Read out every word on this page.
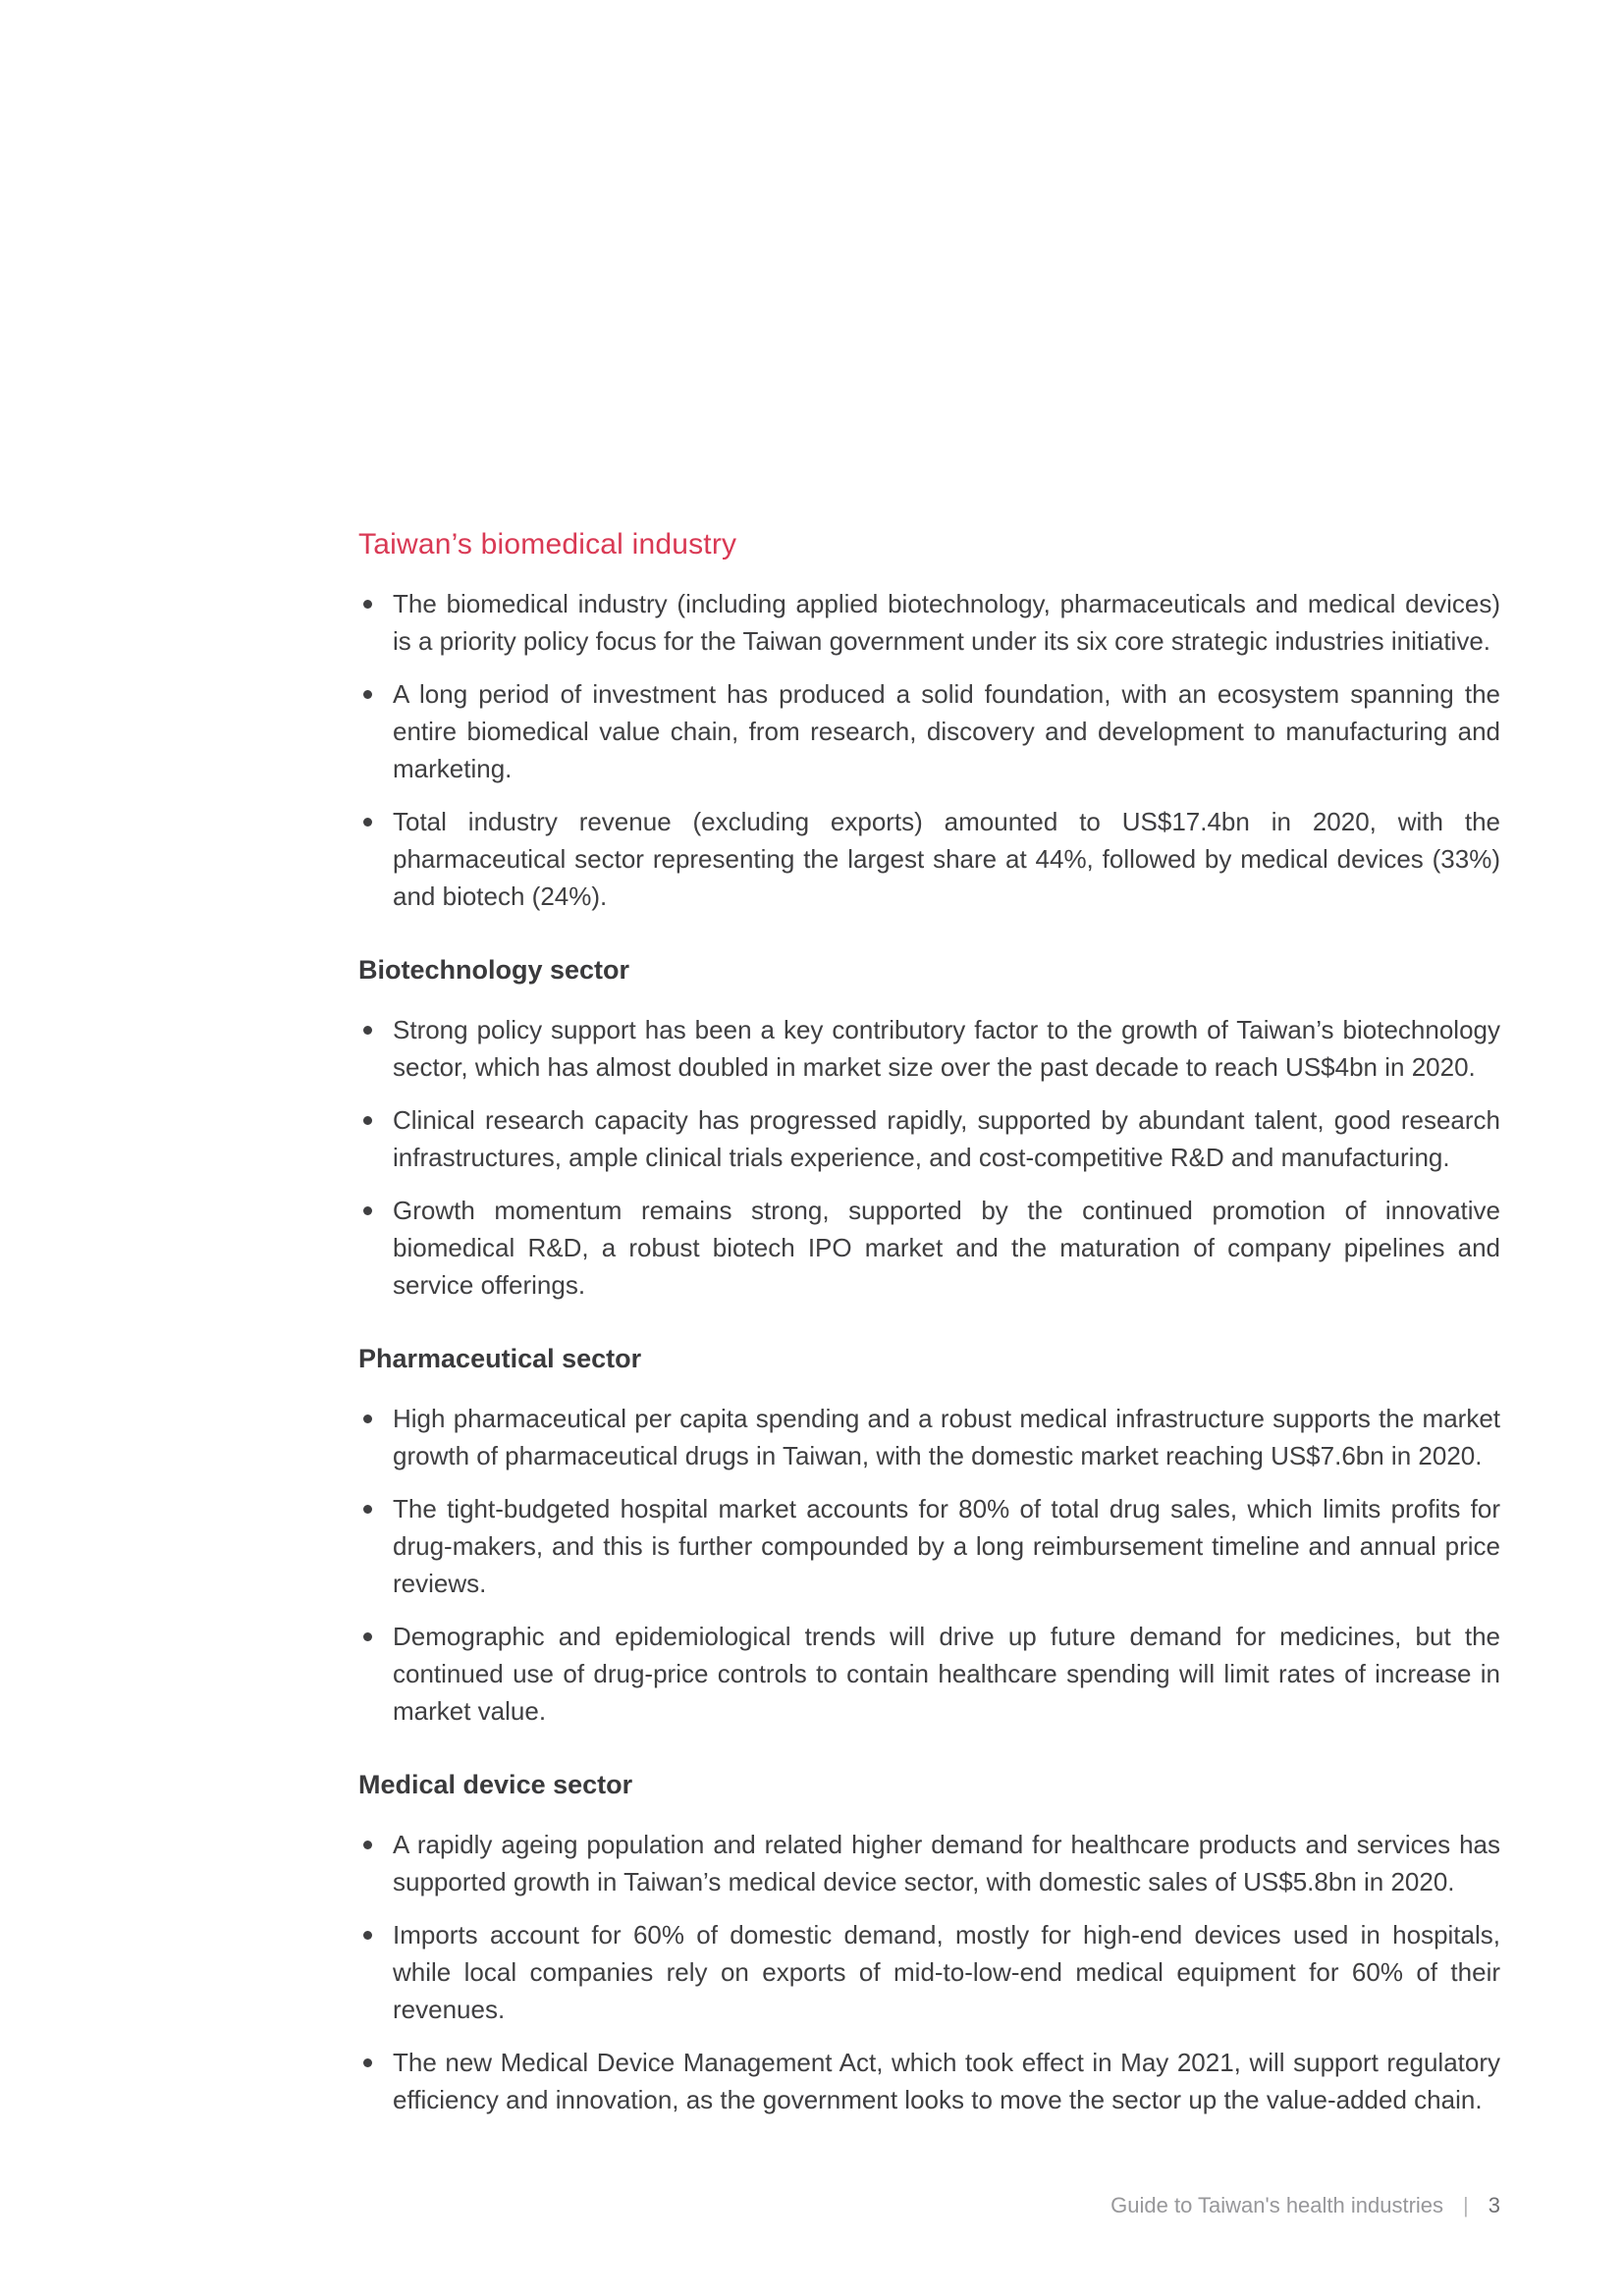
Taiwan’s biomedical industry
The biomedical industry (including applied biotechnology, pharmaceuticals and medical devices) is a priority policy focus for the Taiwan government under its six core strategic industries initiative.
A long period of investment has produced a solid foundation, with an ecosystem spanning the entire biomedical value chain, from research, discovery and development to manufacturing and marketing.
Total industry revenue (excluding exports) amounted to US$17.4bn in 2020, with the pharmaceutical sector representing the largest share at 44%, followed by medical devices (33%) and biotech (24%).
Biotechnology sector
Strong policy support has been a key contributory factor to the growth of Taiwan’s biotechnology sector, which has almost doubled in market size over the past decade to reach US$4bn in 2020.
Clinical research capacity has progressed rapidly, supported by abundant talent, good research infrastructures, ample clinical trials experience, and cost-competitive R&D and manufacturing.
Growth momentum remains strong, supported by the continued promotion of innovative biomedical R&D, a robust biotech IPO market and the maturation of company pipelines and service offerings.
Pharmaceutical sector
High pharmaceutical per capita spending and a robust medical infrastructure supports the market growth of pharmaceutical drugs in Taiwan, with the domestic market reaching US$7.6bn in 2020.
The tight-budgeted hospital market accounts for 80% of total drug sales, which limits profits for drug-makers, and this is further compounded by a long reimbursement timeline and annual price reviews.
Demographic and epidemiological trends will drive up future demand for medicines, but the continued use of drug-price controls to contain healthcare spending will limit rates of increase in market value.
Medical device sector
A rapidly ageing population and related higher demand for healthcare products and services has supported growth in Taiwan’s medical device sector, with domestic sales of US$5.8bn in 2020.
Imports account for 60% of domestic demand, mostly for high-end devices used in hospitals, while local companies rely on exports of mid-to-low-end medical equipment for 60% of their revenues.
The new Medical Device Management Act, which took effect in May 2021, will support regulatory efficiency and innovation, as the government looks to move the sector up the value-added chain.
Guide to Taiwan's health industries | 3
